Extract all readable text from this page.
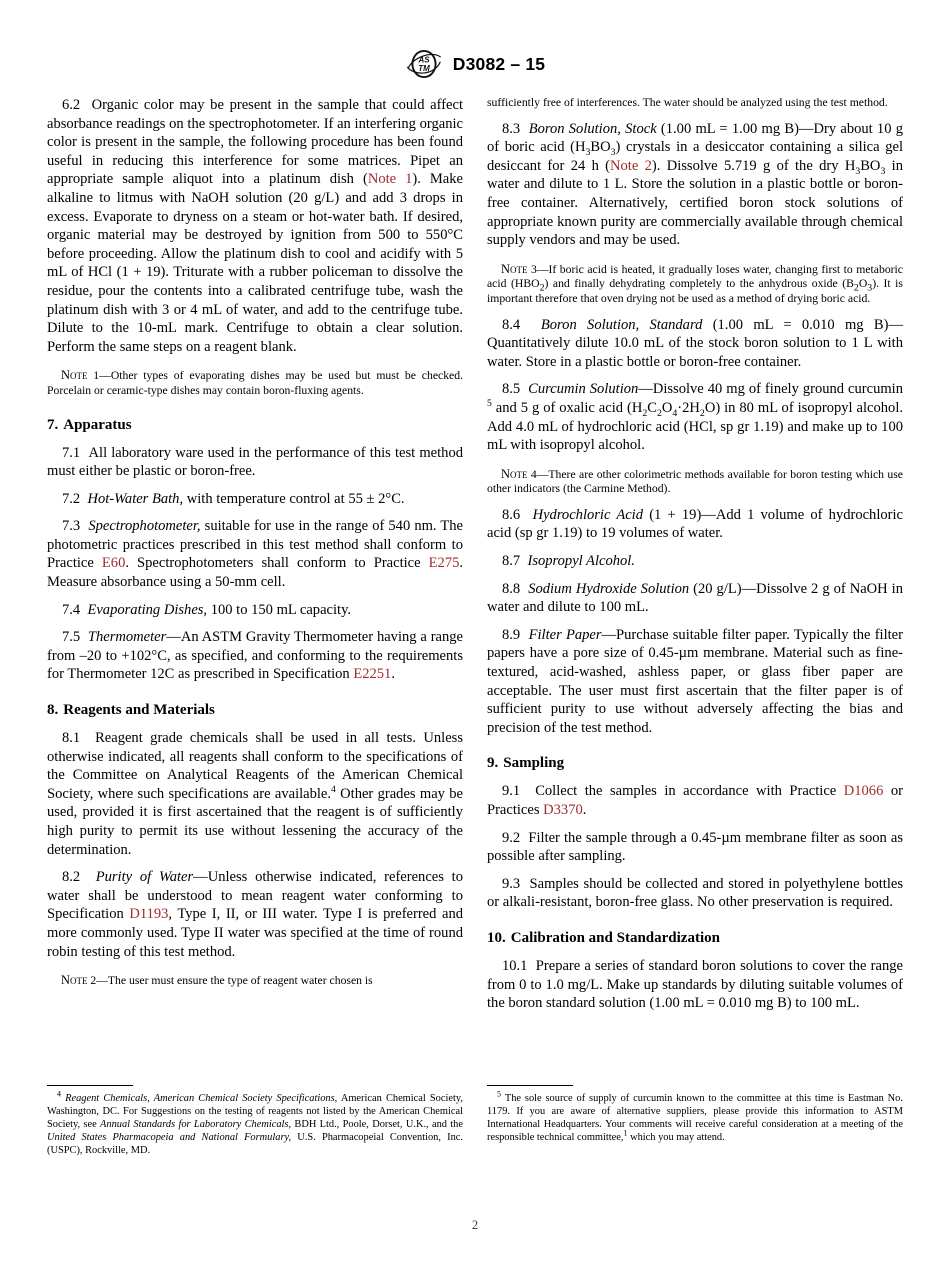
AS
TM D3082 – 15

6.2 Organic color may be present in the sample that could affect absorbance readings on the spectrophotometer. If an interfering organic color is present in the sample, the following procedure has been found useful in reducing this interference for some matrices. Pipet an appropriate sample aliquot into a platinum dish (Note 1). Make alkaline to litmus with NaOH solution (20 g/L) and add 3 drops in excess. Evaporate to dryness on a steam or hot-water bath. If desired, organic material may be destroyed by ignition from 500 to 550°C before proceeding. Allow the platinum dish to cool and acidify with 5 mL of HCl (1 + 19). Triturate with a rubber policeman to dissolve the residue, pour the contents into a calibrated centrifuge tube, wash the platinum dish with 3 or 4 mL of water, and add to the centrifuge tube. Dilute to the 10-mL mark. Centrifuge to obtain a clear solution. Perform the same steps on a reagent blank.

Note 1—Other types of evaporating dishes may be used but must be checked. Porcelain or ceramic-type dishes may contain boron-fluxing agents.

7. Apparatus

7.1 All laboratory ware used in the performance of this test method must either be plastic or boron-free.

7.2 Hot-Water Bath, with temperature control at 55 ± 2°C.

7.3 Spectrophotometer, suitable for use in the range of 540 nm. The photometric practices prescribed in this test method shall conform to Practice E60. Spectrophotometers shall conform to Practice E275. Measure absorbance using a 50-mm cell.

7.4 Evaporating Dishes, 100 to 150 mL capacity.

7.5 Thermometer—An ASTM Gravity Thermometer having a range from –20 to +102°C, as specified, and conforming to the requirements for Thermometer 12C as prescribed in Specification E2251.

8. Reagents and Materials

8.1 Reagent grade chemicals shall be used in all tests. Unless otherwise indicated, all reagents shall conform to the specifications of the Committee on Analytical Reagents of the American Chemical Society, where such specifications are available.$^4$ Other grades may be used, provided it is first ascertained that the reagent is of sufficiently high purity to permit its use without lessening the accuracy of the determination.

8.2 Purity of Water—Unless otherwise indicated, references to water shall be understood to mean reagent water conforming to Specification D1193, Type I, II, or III water. Type I is preferred and more commonly used. Type II water was specified at the time of round robin testing of this test method.

Note 2—The user must ensure the type of reagent water chosen is

sufficiently free of interferences. The water should be analyzed using the test method.

8.3 Boron Solution, Stock (1.00 mL = 1.00 mg B)—Dry about 10 g of boric acid $(H_3BO_3)$ crystals in a desiccator containing a silica gel desiccant for 24 h (Note 2). Dissolve 5.719 g of the dry $H_3BO_3$ in water and dilute to 1 L. Store the solution in a plastic bottle or boron-free container. Alternatively, certified boron stock solutions of appropriate known purity are commercially available through chemical supply vendors and may be used.

Note 3—If boric acid is heated, it gradually loses water, changing first to metaboric acid $(HBO_2)$ and finally dehydrating completely to the anhydrous oxide $(B_2O_3)$. It is important therefore that oven drying not be used as a method of drying boric acid.

8.4 Boron Solution, Standard (1.00 mL = 0.010 mg B)—Quantitatively dilute 10.0 mL of the stock boron solution to 1 L with water. Store in a plastic bottle or boron-free container.

8.5 Curcumin Solution—Dissolve 40 mg of finely ground curcumin $^5$ and 5 g of oxalic acid $(H_2C_2O_4\cdot 2H_2O)$ in 80 mL of isopropyl alcohol. Add 4.0 mL of hydrochloric acid (HCl, sp gr 1.19) and make up to 100 mL with isopropyl alcohol.

Note 4—There are other colorimetric methods available for boron testing which use other indicators (the Carmine Method).

8.6 Hydrochloric Acid (1 + 19)—Add 1 volume of hydrochloric acid (sp gr 1.19) to 19 volumes of water.

8.7 Isopropyl Alcohol.

8.8 Sodium Hydroxide Solution (20 g/L)—Dissolve 2 g of NaOH in water and dilute to 100 mL.

8.9 Filter Paper—Purchase suitable filter paper. Typically the filter papers have a pore size of 0.45-µm membrane. Material such as fine-textured, acid-washed, ashless paper, or glass fiber paper are acceptable. The user must first ascertain that the filter paper is of sufficient purity to use without adversely affecting the bias and precision of the test method.

9. Sampling

9.1 Collect the samples in accordance with Practice D1066 or Practices D3370.

9.2 Filter the sample through a 0.45-µm membrane filter as soon as possible after sampling.

9.3 Samples should be collected and stored in polyethylene bottles or alkali-resistant, boron-free glass. No other preservation is required.

10. Calibration and Standardization

10.1 Prepare a series of standard boron solutions to cover the range from 0 to 1.0 mg/L. Make up standards by diluting suitable volumes of the boron standard solution (1.00 mL = 0.010 mg B) to 100 mL.

$^4$ Reagent Chemicals, American Chemical Society Specifications, American Chemical Society, Washington, DC. For Suggestions on the testing of reagents not listed by the American Chemical Society, see Annual Standards for Laboratory Chemicals, BDH Ltd., Poole, Dorset, U.K., and the United States Pharmacopeia and National Formulary, U.S. Pharmacopeial Convention, Inc. (USPC), Rockville, MD.

$^5$ The sole source of supply of curcumin known to the committee at this time is Eastman No. 1179. If you are aware of alternative suppliers, please provide this information to ASTM International Headquarters. Your comments will receive careful consideration at a meeting of the responsible technical committee,$^1$ which you may attend.

2
